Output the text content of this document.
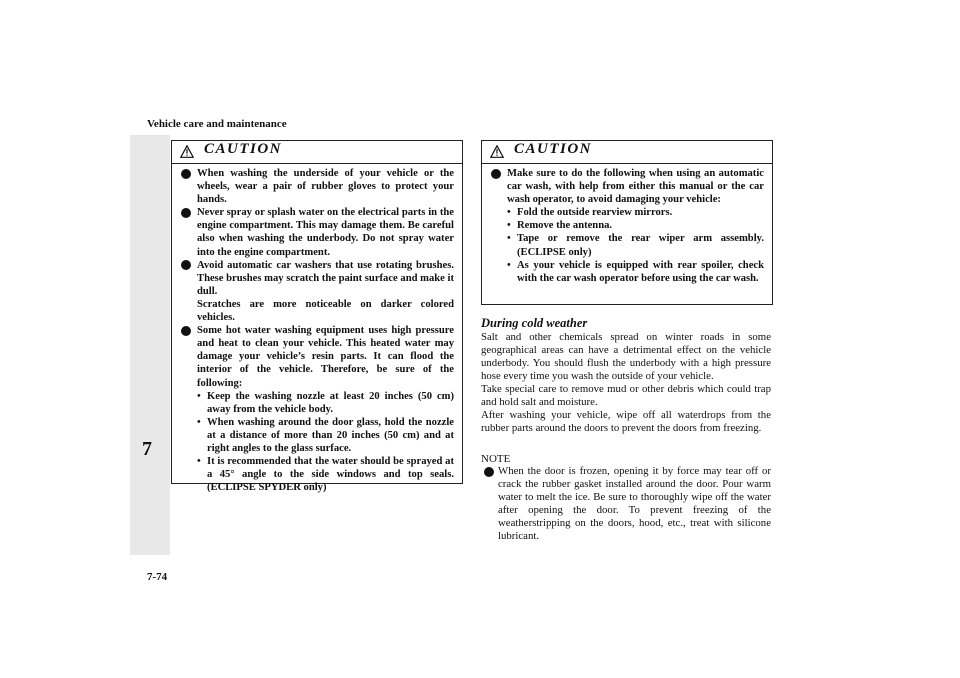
Vehicle care and maintenance
7
7-74
CAUTION
When washing the underside of your vehicle or the wheels, wear a pair of rubber gloves to protect your hands.
Never spray or splash water on the electrical parts in the engine compartment. This may damage them. Be careful also when washing the underbody. Do not spray water into the engine compartment.
Avoid automatic car washers that use rotating brushes. These brushes may scratch the paint surface and make it dull.
Scratches are more noticeable on darker colored vehicles.
Some hot water washing equipment uses high pressure and heat to clean your vehicle. This heated water may damage your vehicle’s resin parts. It can flood the interior of the vehicle. Therefore, be sure of the following:
• Keep the washing nozzle at least 20 inches (50 cm) away from the vehicle body.
• When washing around the door glass, hold the nozzle at a distance of more than 20 inches (50 cm) and at right angles to the glass surface.
• It is recommended that the water should be sprayed at a 45° angle to the side windows and top seals. (ECLIPSE SPYDER only)
CAUTION
Make sure to do the following when using an automatic car wash, with help from either this manual or the car wash operator, to avoid damaging your vehicle:
• Fold the outside rearview mirrors.
• Remove the antenna.
• Tape or remove the rear wiper arm assembly. (ECLIPSE only)
• As your vehicle is equipped with rear spoiler, check with the car wash operator before using the car wash.
During cold weather
Salt and other chemicals spread on winter roads in some geographical areas can have a detrimental effect on the vehicle underbody. You should flush the underbody with a high pressure hose every time you wash the outside of your vehicle.
Take special care to remove mud or other debris which could trap and hold salt and moisture.
After washing your vehicle, wipe off all waterdrops from the rubber parts around the doors to prevent the doors from freezing.
NOTE
When the door is frozen, opening it by force may tear off or crack the rubber gasket installed around the door. Pour warm water to melt the ice. Be sure to thoroughly wipe off the water after opening the door. To prevent freezing of the weatherstripping on the doors, hood, etc., treat with silicone lubricant.
